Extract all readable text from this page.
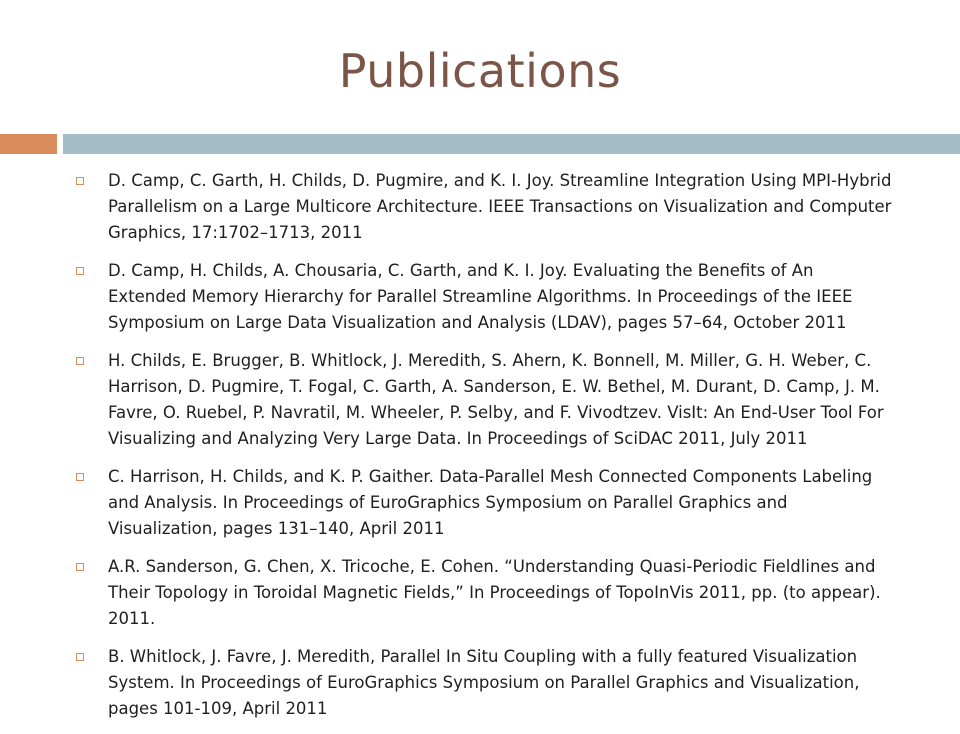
Publications
D. Camp, C. Garth, H. Childs, D. Pugmire, and K. I. Joy. Streamline Integration Using MPI-Hybrid Parallelism on a Large Multicore Architecture. IEEE Transactions on Visualization and Computer Graphics, 17:1702–1713, 2011
D. Camp, H. Childs, A. Chousaria, C. Garth, and K. I. Joy. Evaluating the Benefits of An Extended Memory Hierarchy for Parallel Streamline Algorithms. In Proceedings of the IEEE Symposium on Large Data Visualization and Analysis (LDAV), pages 57–64, October 2011
H. Childs, E. Brugger, B. Whitlock, J. Meredith, S. Ahern, K. Bonnell, M. Miller, G. H. Weber, C. Harrison, D. Pugmire, T. Fogal, C. Garth, A. Sanderson, E. W. Bethel, M. Durant, D. Camp, J. M. Favre, O. Ruebel, P. Navratil, M. Wheeler, P. Selby, and F. Vivodtzev. VisIt: An End-User Tool For Visualizing and Analyzing Very Large Data. In Proceedings of SciDAC 2011, July 2011
C. Harrison, H. Childs, and K. P. Gaither. Data-Parallel Mesh Connected Components Labeling and Analysis. In Proceedings of EuroGraphics Symposium on Parallel Graphics and Visualization, pages 131–140, April 2011
A.R. Sanderson, G. Chen, X. Tricoche, E. Cohen. “Understanding Quasi-Periodic Fieldlines and Their Topology in Toroidal Magnetic Fields,” In Proceedings of TopoInVis 2011, pp. (to appear). 2011.
B. Whitlock, J. Favre, J. Meredith, Parallel In Situ Coupling with a fully featured Visualization System. In Proceedings of EuroGraphics Symposium on Parallel Graphics and Visualization, pages 101-109, April 2011
